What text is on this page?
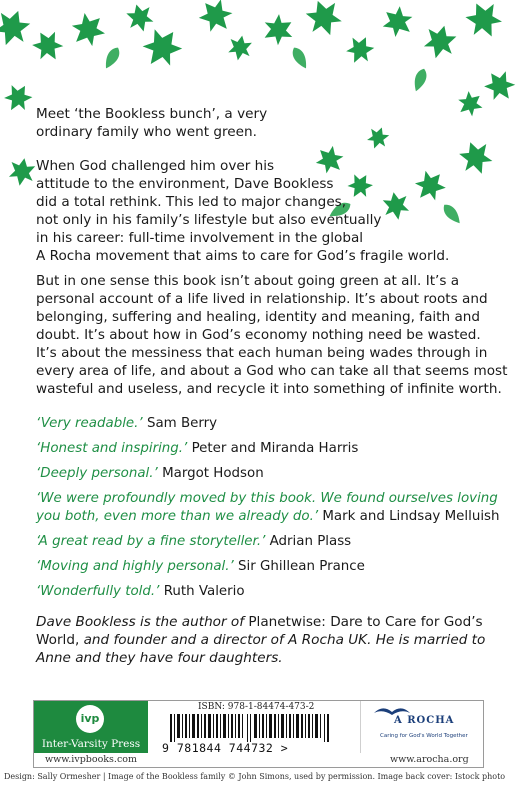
Meet ‘the Bookless bunch’, a very
ordinary family who went green.

When God challenged him over his
attitude to the environment, Dave Bookless
did a total rethink. This led to major changes,
not only in his family’s lifestyle but also eventually
in his career: full-time involvement in the global
A Rocha movement that aims to care for God’s fragile world.

But in one sense this book isn’t about going green at all. It’s a
personal account of a life lived in relationship. It’s about roots and
belonging, suffering and healing, identity and meaning, faith and
doubt. It’s about how in God’s economy nothing need be wasted.
It’s about the messiness that each human being wades through in
every area of life, and about a God who can take all that seems most
wasteful and useless, and recycle it into something of infinite worth.

‘Very readable.’ Sam Berry

‘Honest and inspiring.’ Peter and Miranda Harris

‘Deeply personal.’ Margot Hodson

‘We were profoundly moved by this book. We found ourselves loving
you both, even more than we already do.’ Mark and Lindsay Melluish

‘A great read by a fine storyteller.’ Adrian Plass

‘Moving and highly personal.’ Sir Ghillean Prance

‘Wonderfully told.’ Ruth Valerio

Dave Bookless is the author of Planetwise: Dare to Care for God’s
World, and founder and a director of A Rocha UK. He is married to
Anne and they have four daughters.

ivp
Inter-Varsity Press
www.ivpbooks.com
ISBN: 978-1-84474-473-2
9 781844 744732 >
A ROCHA
Caring for God's World Together
www.arocha.org
Design: Sally Ormesher | Image of the Bookless family © John Simons, used by permission. Image back cover: Istock photo
